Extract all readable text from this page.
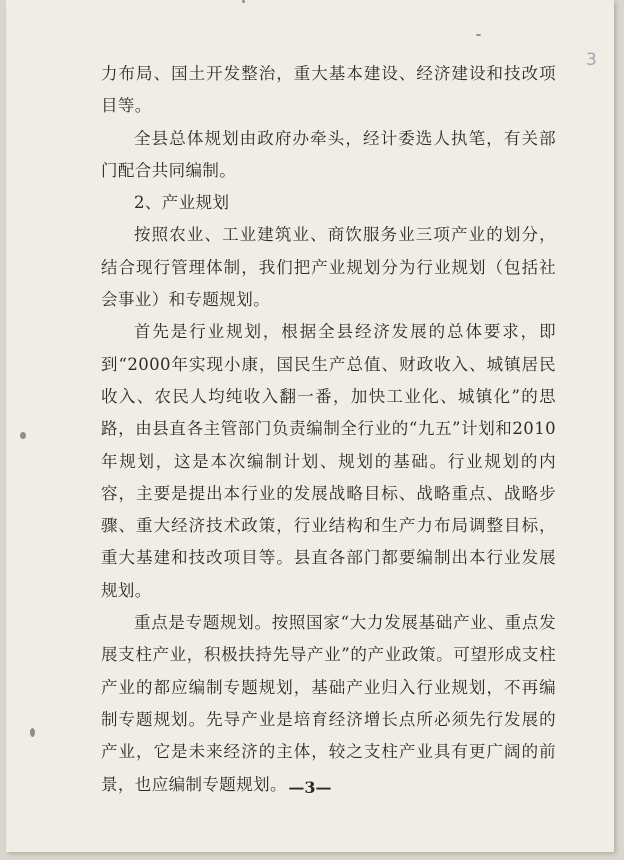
3

力布局、国土开发整治，重大基本建设、经济建设和技改项目等。

全县总体规划由政府办牵头，经计委选人执笔，有关部门配合共同编制。

2、产业规划

按照农业、工业建筑业、商饮服务业三项产业的划分，结合现行管理体制，我们把产业规划分为行业规划（包括社会事业）和专题规划。

首先是行业规划，根据全县经济发展的总体要求，即到“2000年实现小康，国民生产总值、财政收入、城镇居民收入、农民人均纯收入翻一番，加快工业化、城镇化”的思路，由县直各主管部门负责编制全行业的“九五”计划和2010年规划，这是本次编制计划、规划的基础。行业规划的内容，主要是提出本行业的发展战略目标、战略重点、战略步骤、重大经济技术政策，行业结构和生产力布局调整目标，重大基建和技改项目等。县直各部门都要编制出本行业发展规划。

重点是专题规划。按照国家“大力发展基础产业、重点发展支柱产业，积极扶持先导产业”的产业政策。可望形成支柱产业的都应编制专题规划，基础产业归入行业规划，不再编制专题规划。先导产业是培育经济增长点所必须先行发展的产业，它是未来经济的主体，较之支柱产业具有更广阔的前景，也应编制专题规划。 —3—
